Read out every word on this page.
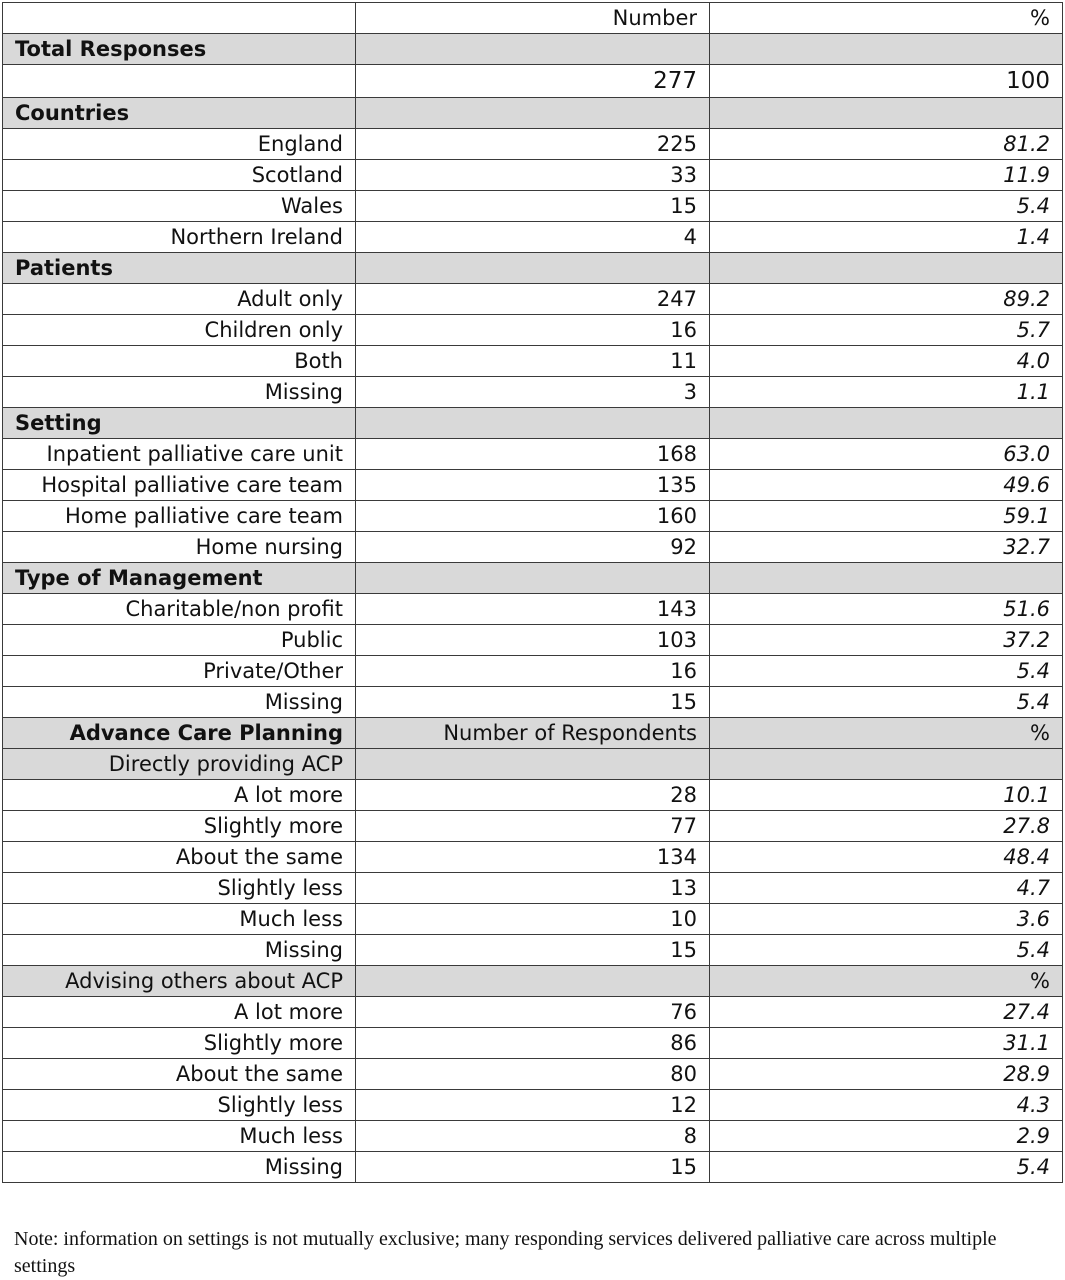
	Number	%
Total Responses		
	277	100
Countries		
England	225	81.2
Scotland	33	11.9
Wales	15	5.4
Northern Ireland	4	1.4
Patients		
Adult only	247	89.2
Children only	16	5.7
Both	11	4.0
Missing	3	1.1
Setting		
Inpatient palliative care unit	168	63.0
Hospital palliative care team	135	49.6
Home palliative care team	160	59.1
Home nursing	92	32.7
Type of Management		
Charitable/non profit	143	51.6
Public	103	37.2
Private/Other	16	5.4
Missing	15	5.4
Advance Care Planning	Number of Respondents	%
Directly providing ACP		
A lot more	28	10.1
Slightly more	77	27.8
About the same	134	48.4
Slightly less	13	4.7
Much less	10	3.6
Missing	15	5.4
Advising others about ACP		%
A lot more	76	27.4
Slightly more	86	31.1
About the same	80	28.9
Slightly less	12	4.3
Much less	8	2.9
Missing	15	5.4
Note: information on settings is not mutually exclusive; many responding services delivered palliative care across multiple settings
